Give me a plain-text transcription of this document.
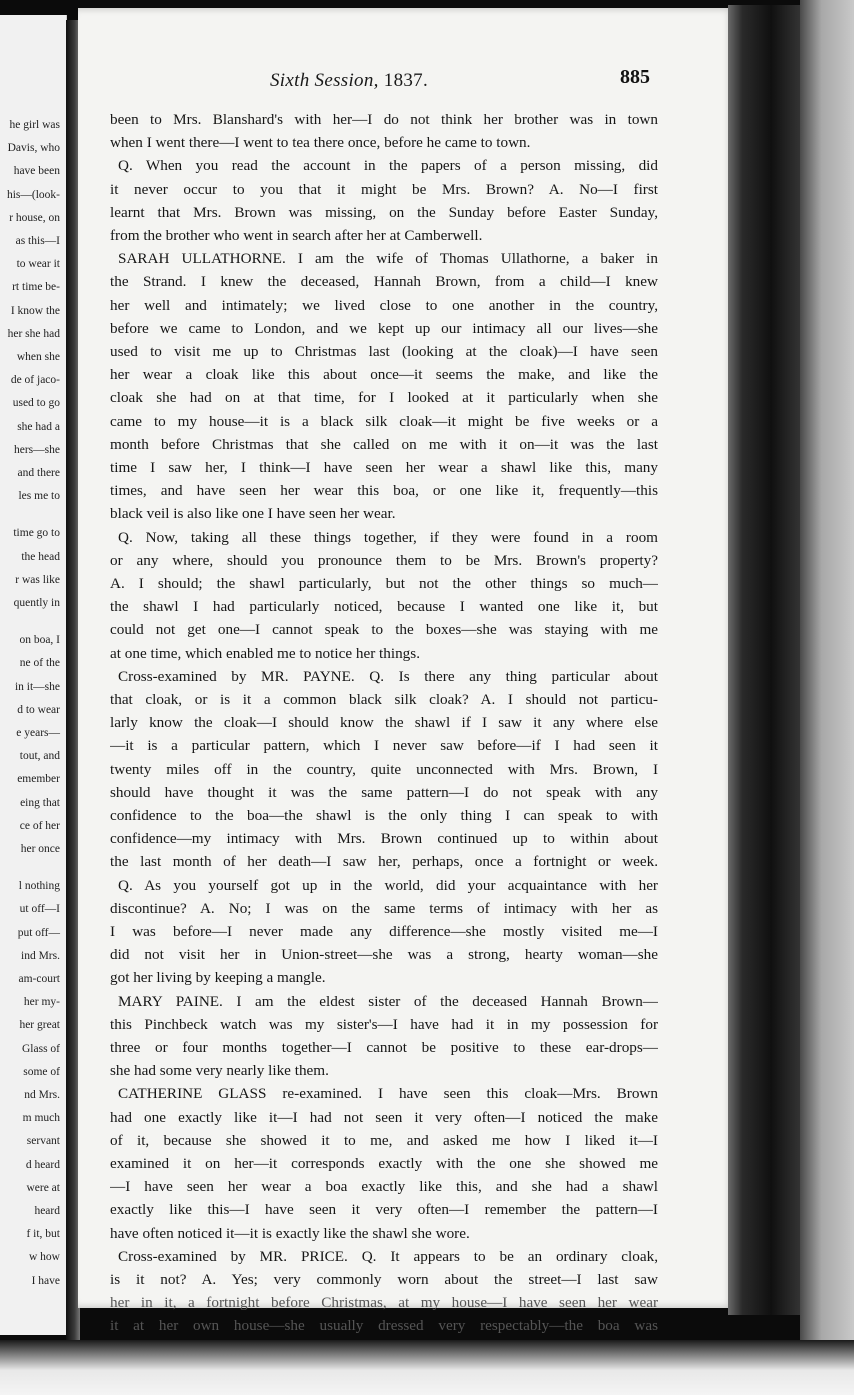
he girl was
Davis, who
have been
his—(look-
r house, on
as this—I
to wear it
rt time be-
I know the
her she had
when she
de of jaco-
used to go
she had a
hers—she
and there
les me to
time go to
the head
r was like
quently in
on boa, I
ne of the
in it—she
d to wear
e years—
tout, and
emember
eing that
ce of her
her once
l nothing
ut off—I
put off—
ind Mrs.
am-court
her my-
her great
Glass of
some of
nd Mrs.
m much
servant
d heard
were at
heard
f it, but
w how
I have
Sixth Session, 1837.	885
been to Mrs. Blanshard's with her—I do not think her brother was in town
when I went there—I went to tea there once, before he came to town.
Q. When you read the account in the papers of a person missing, did
it never occur to you that it might be Mrs. Brown? A. No—I first
learnt that Mrs. Brown was missing, on the Sunday before Easter Sunday,
from the brother who went in search after her at Camberwell.
SARAH ULLATHORNE. I am the wife of Thomas Ullathorne, a baker in
the Strand. I knew the deceased, Hannah Brown, from a child—I knew
her well and intimately; we lived close to one another in the country,
before we came to London, and we kept up our intimacy all our lives—she
used to visit me up to Christmas last (looking at the cloak)—I have seen
her wear a cloak like this about once—it seems the make, and like the
cloak she had on at that time, for I looked at it particularly when she
came to my house—it is a black silk cloak—it might be five weeks or a
month before Christmas that she called on me with it on—it was the last
time I saw her, I think—I have seen her wear a shawl like this, many
times, and have seen her wear this boa, or one like it, frequently—this
black veil is also like one I have seen her wear.
Q. Now, taking all these things together, if they were found in a room
or any where, should you pronounce them to be Mrs. Brown's property?
A. I should; the shawl particularly, but not the other things so much—
the shawl I had particularly noticed, because I wanted one like it, but
could not get one—I cannot speak to the boxes—she was staying with me
at one time, which enabled me to notice her things.
Cross-examined by MR. PAYNE. Q. Is there any thing particular about
that cloak, or is it a common black silk cloak? A. I should not particu-
larly know the cloak—I should know the shawl if I saw it any where else
—it is a particular pattern, which I never saw before—if I had seen it
twenty miles off in the country, quite unconnected with Mrs. Brown, I
should have thought it was the same pattern—I do not speak with any
confidence to the boa—the shawl is the only thing I can speak to with
confidence—my intimacy with Mrs. Brown continued up to within about
the last month of her death—I saw her, perhaps, once a fortnight or week.
Q. As you yourself got up in the world, did your acquaintance with her
discontinue? A. No; I was on the same terms of intimacy with her as
I was before—I never made any difference—she mostly visited me—I
did not visit her in Union-street—she was a strong, hearty woman—she
got her living by keeping a mangle.
MARY PAINE. I am the eldest sister of the deceased Hannah Brown—
this Pinchbeck watch was my sister's—I have had it in my possession for
three or four months together—I cannot be positive to these ear-drops—
she had some very nearly like them.
CATHERINE GLASS re-examined. I have seen this cloak—Mrs. Brown
had one exactly like it—I had not seen it very often—I noticed the make
of it, because she showed it to me, and asked me how I liked it—I
examined it on her—it corresponds exactly with the one she showed me
—I have seen her wear a boa exactly like this, and she had a shawl
exactly like this—I have seen it very often—I remember the pattern—I
have often noticed it—it is exactly like the shawl she wore.
Cross-examined by MR. PRICE. Q. It appears to be an ordinary cloak,
is it not? A. Yes; very commonly worn about the street—I last saw
her in it, a fortnight before Christmas, at my house—I have seen her wear
it at her own house—she usually dressed very respectably—the boa was
